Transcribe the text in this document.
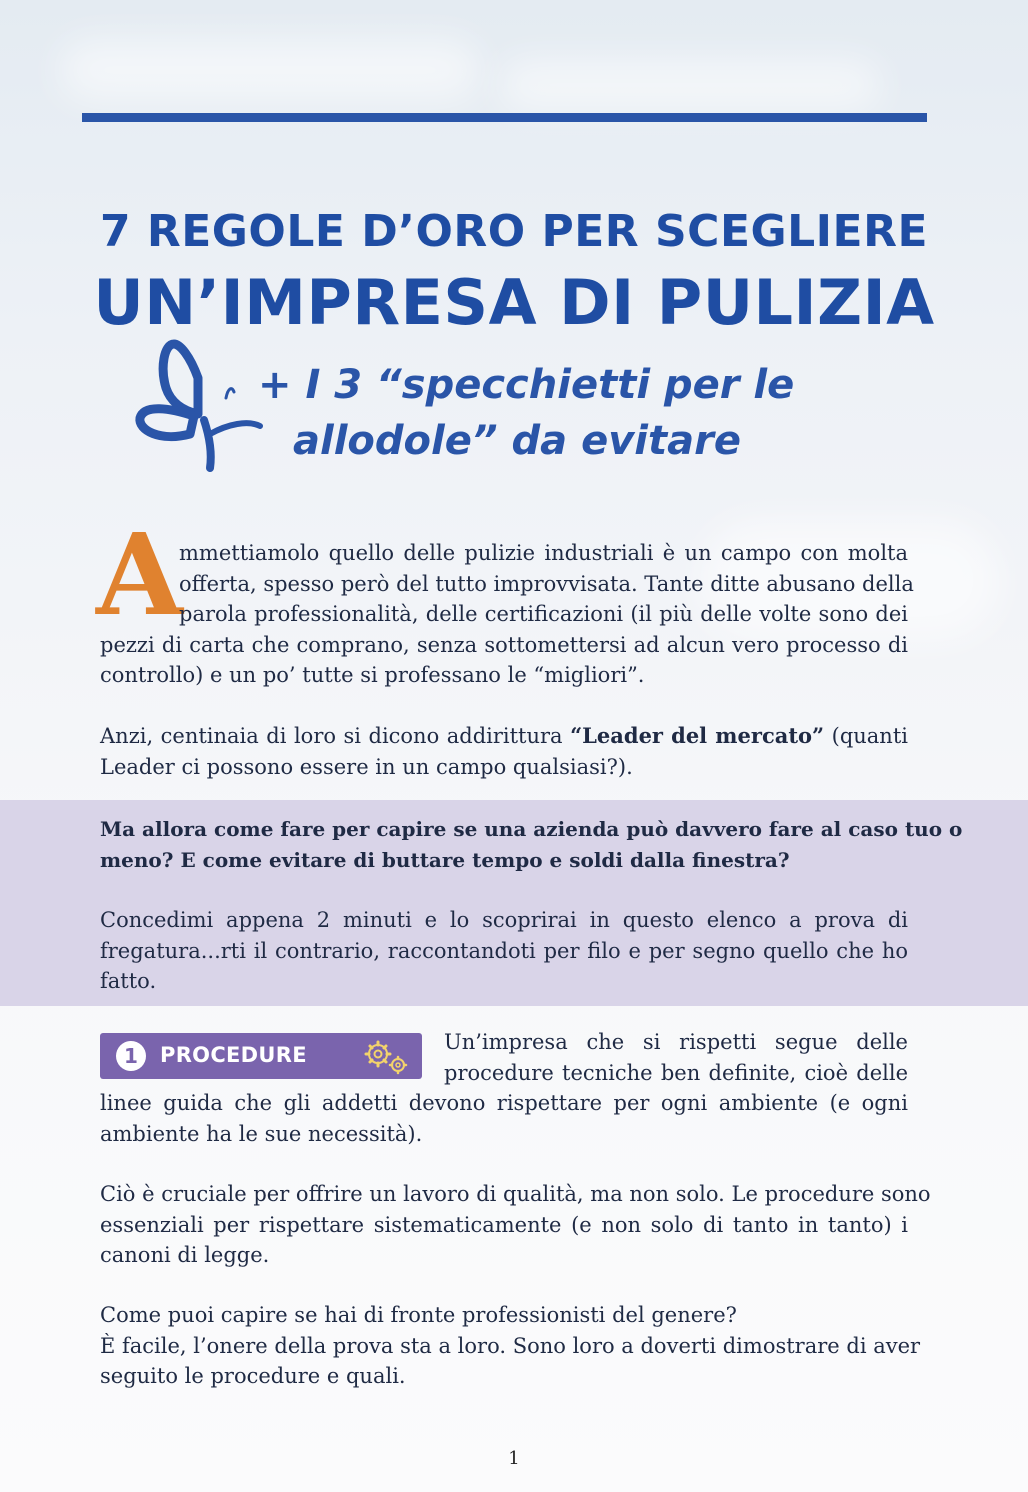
7 REGOLE D’ORO PER SCEGLIERE
UN’IMPRESA DI PULIZIA
+ I 3 “specchietti per le
allodole” da evitare
A
mmettiamolo quello delle pulizie industriali è un campo con molta
offerta, spesso però del tutto improvvisata. Tante ditte abusano della
parola professionalità, delle certificazioni (il più delle volte sono dei
pezzi di carta che comprano, senza sottomettersi ad alcun vero processo di
controllo) e un po’ tutte si professano le “migliori”.
Anzi, centinaia di loro si dicono addirittura “Leader del mercato” (quanti
Leader ci possono essere in un campo qualsiasi?).
Ma allora come fare per capire se una azienda può davvero fare al caso tuo o
meno? E come evitare di buttare tempo e soldi dalla finestra?
Concedimi appena 2 minuti e lo scoprirai in questo elenco a prova di
fregatura...rti il contrario, raccontandoti per filo e per segno quello che ho
fatto.
1	PROCEDURE
Un’impresa che si rispetti segue delle
procedure tecniche ben definite, cioè delle
linee guida che gli addetti devono rispettare per ogni ambiente (e ogni
ambiente ha le sue necessità).
Ciò è cruciale per offrire un lavoro di qualità, ma non solo. Le procedure sono
essenziali per rispettare sistematicamente (e non solo di tanto in tanto) i
canoni di legge.
Come puoi capire se hai di fronte professionisti del genere?
È facile, l’onere della prova sta a loro. Sono loro a doverti dimostrare di aver
seguito le procedure e quali.
1
